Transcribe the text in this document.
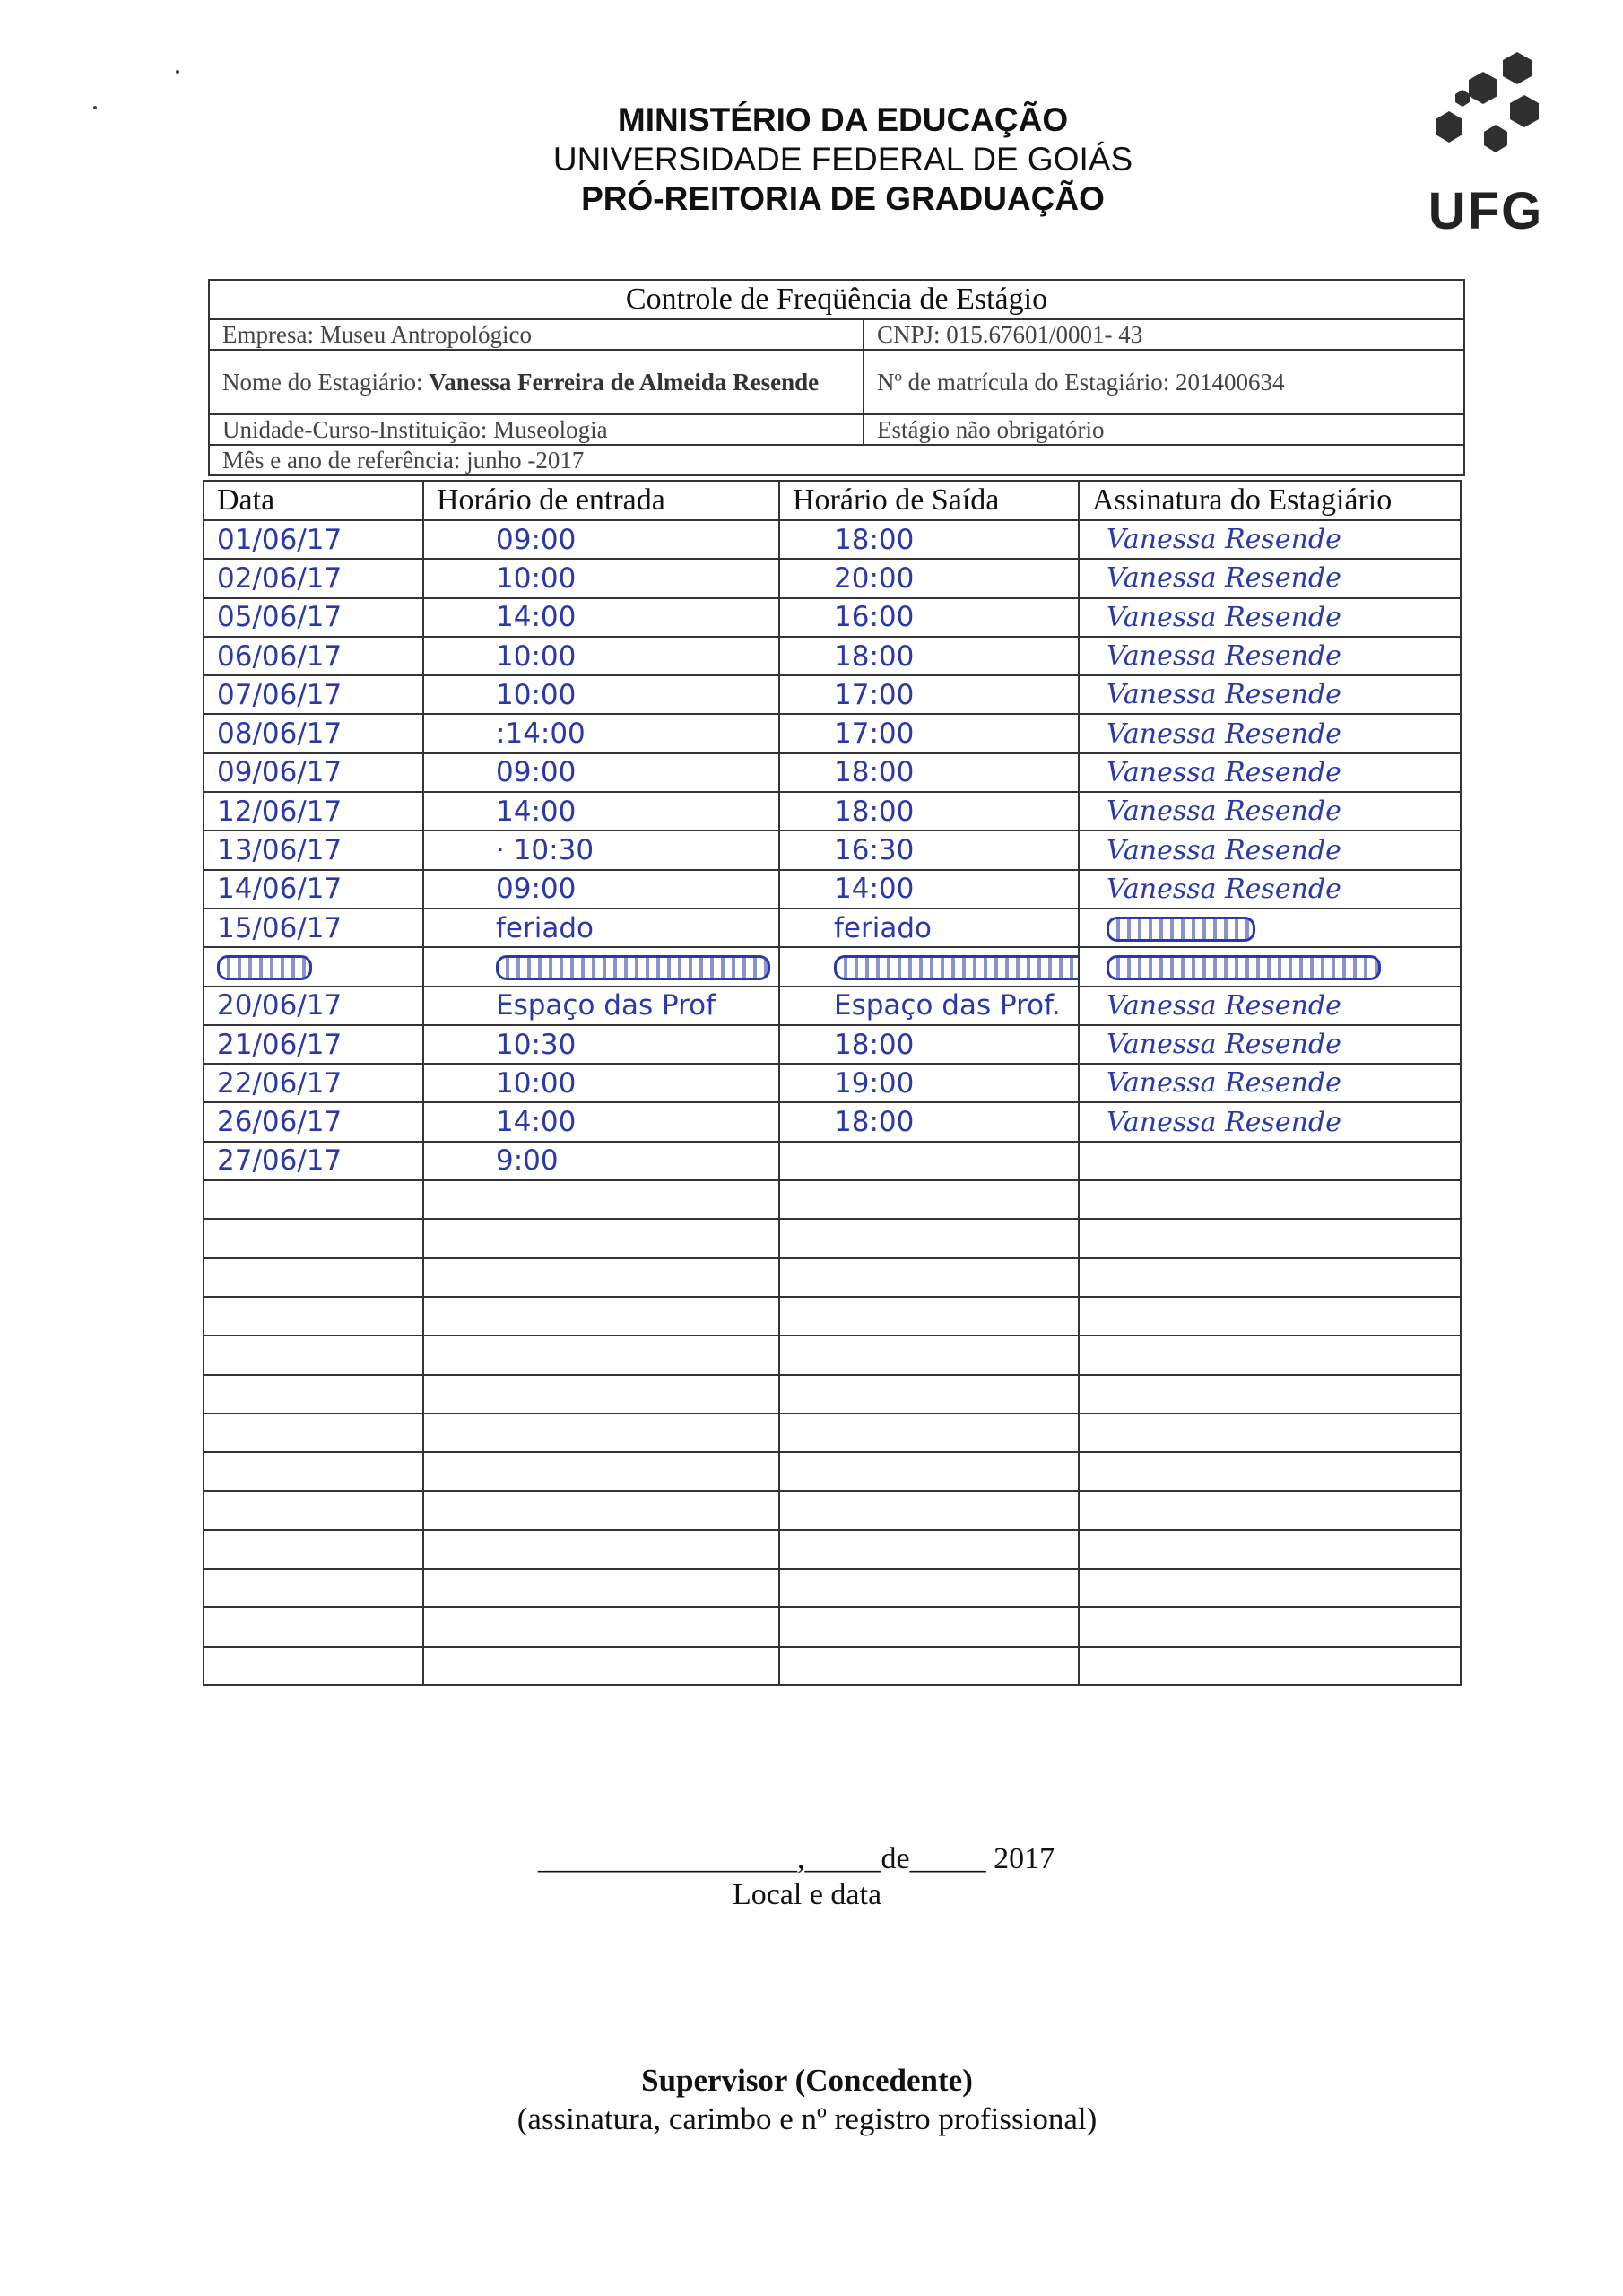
MINISTÉRIO DA EDUCAÇÃO
UNIVERSIDADE FEDERAL DE GOIÁS
PRÓ-REITORIA DE GRADUAÇÃO	UFG
Controle de Freqüência de Estágio	
Empresa: Museu Antropológico	CNPJ: 015.67601/0001- 43
Nome do Estagiário: Vanessa Ferreira de Almeida Resende	Nº de matrícula do Estagiário: 201400634
Unidade-Curso-Instituição: Museologia	Estágio não obrigatório
Mês e ano de referência: junho -2017	
Data	Horário de entrada	Horário de Saída	Assinatura do Estagiário
01/06/17	09:00	18:00	Vanessa Resende
02/06/17	10:00	20:00	Vanessa Resende
05/06/17	14:00	16:00	Vanessa Resende
06/06/17	10:00	18:00	Vanessa Resende
07/06/17	10:00	17:00	Vanessa Resende
08/06/17	:14:00	17:00	Vanessa Resende
09/06/17	09:00	18:00	Vanessa Resende
12/06/17	14:00	18:00	Vanessa Resende
13/06/17	· 10:30	16:30	Vanessa Resende
14/06/17	09:00	14:00	Vanessa Resende
15/06/17	feriado	feriado	

20/06/17	Espaço das Prof	Espaço das Prof.	Vanessa Resende
21/06/17	10:30	18:00	Vanessa Resende
22/06/17	10:00	19:00	Vanessa Resende
26/06/17	14:00	18:00	Vanessa Resende
27/06/17	9:00		

_________________,_____de_____ 2017
Local e data
Supervisor (Concedente)
(assinatura, carimbo e nº registro profissional)
